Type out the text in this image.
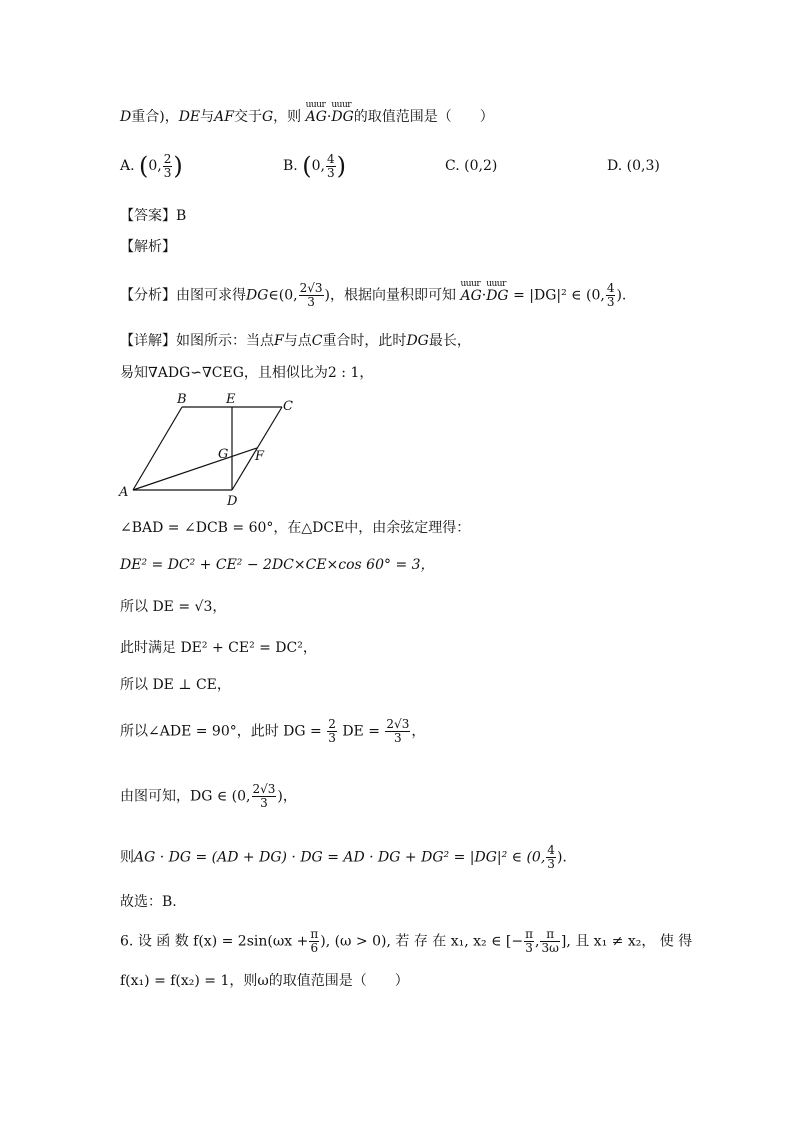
D重合)，DE与AF交于G，则 uuur AG·uuur DG的取值范围是（　　）
A. (0, $\frac{2}{3}$ )	B. (0, $\frac{4}{3}$ )	C. (0,2)	D. (0,3)
【答案】B
【解析】
【分析】由图可求得DG∈(0, $\frac{2√3}{3}$ )，根据向量积即可知 uuur AG·uuur DG = |DG|² ∈ (0, $\frac{4}{3}$ ).
【详解】如图所示：当点F与点C重合时，此时DG最长，
易知∇ADG∽∇CEG，且相似比为2 : 1，
A
B	C
D
E
F
G
∠BAD = ∠DCB = 60°，在△DCE中，由余弦定理得：
DE² = DC² + CE² − 2DC×CE×cos 60° = 3，
所以 DE = √3，
此时满足 DE² + CE² = DC²，
所以 DE ⊥ CE，
所以∠ADE = 90°，此时 DG = $\frac{2}{3}$ DE = $\frac{2√3}{3}$ ，
由图可知，DG ∈ (0, $\frac{2√3}{3}$ )，
则AG · DG = (AD + DG) · DG = AD · DG + DG² = |DG|² ∈ (0, $\frac{4}{3}$ ).
故选：B.
6. 设 函 数 $f(x) = 2\sin(\omega x + \frac{\pi}{6}$ ), (ω > 0), 若 存 在 x₁, x₂ ∈ [− $\frac{\pi}{3}$ , $\frac{\pi}{3\omega}$ ], 且 x₁ ≠ x₂， 使 得
f(x₁) = f(x₂) = 1，则ω的取值范围是（　　）
